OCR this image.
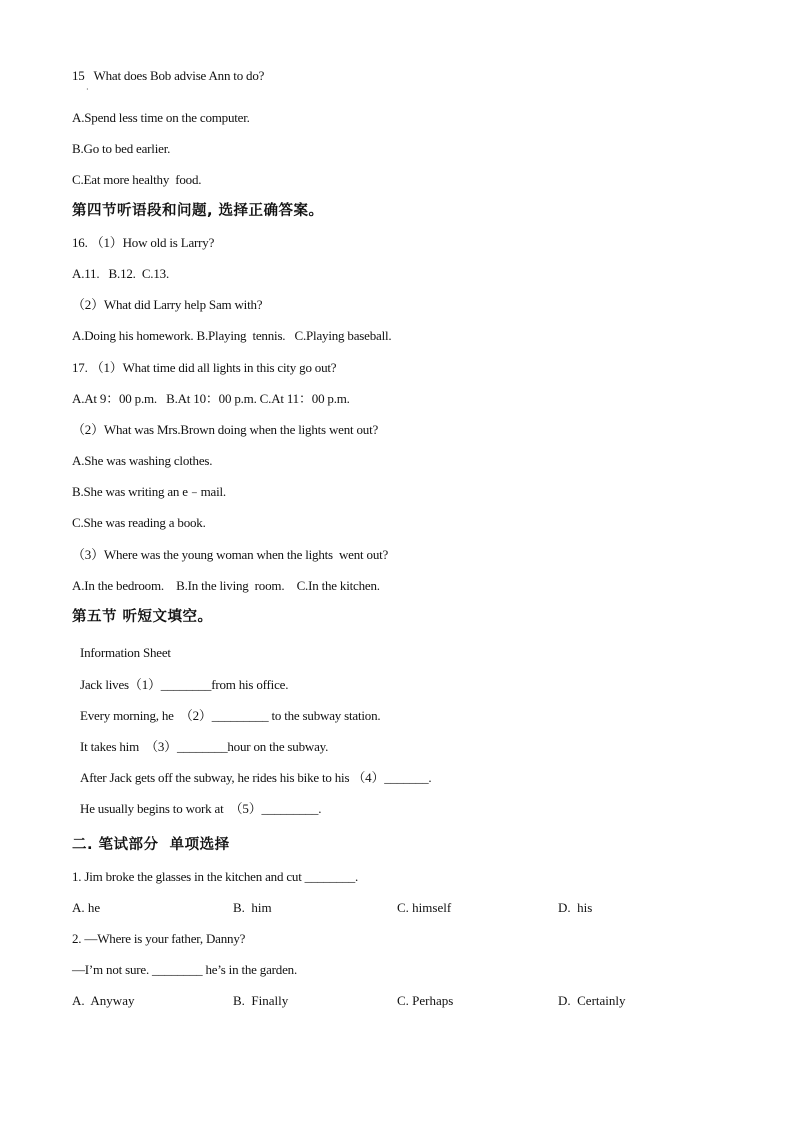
15   What does Bob advise Ann to do?
·
A.Spend less time on the computer.
B.Go to bed earlier.
C.Eat more healthy  food.
第四节听语段和问题, 选择正确答案。
16. （1）How old is Larry?
A.11.   B.12.  C.13.
（2）What did Larry help Sam with?
A.Doing his homework. B.Playing  tennis.   C.Playing baseball.
17. （1）What time did all lights in this city go out?
A.At 9：00 p.m.   B.At 10：00 p.m. C.At 11：00 p.m.
（2）What was Mrs.Brown doing when the lights went out?
A.She was washing clothes.
B.She was writing an e﹣mail.
C.She was reading a book.
（3）Where was the young woman when the lights  went out?
A.In the bedroom.    B.In the living  room.    C.In the kitchen.
第五节 听短文填空。
Information Sheet
Jack lives（1）________from his office.
Every morning, he  （2）_________ to the subway station.
It takes him  （3）________hour on the subway.
After Jack gets off the subway, he rides his bike to his （4）_______.
He usually begins to work at  （5）_________.
二. 笔试部分  单项选择
1. Jim broke the glasses in the kitchen and cut ________.
A. he	B.  him	C. himself	D.  his
2. —Where is your father, Danny?
—I’m not sure. ________ he’s in the garden.
A.  Anyway	B.  Finally	C. Perhaps	D.  Certainly
